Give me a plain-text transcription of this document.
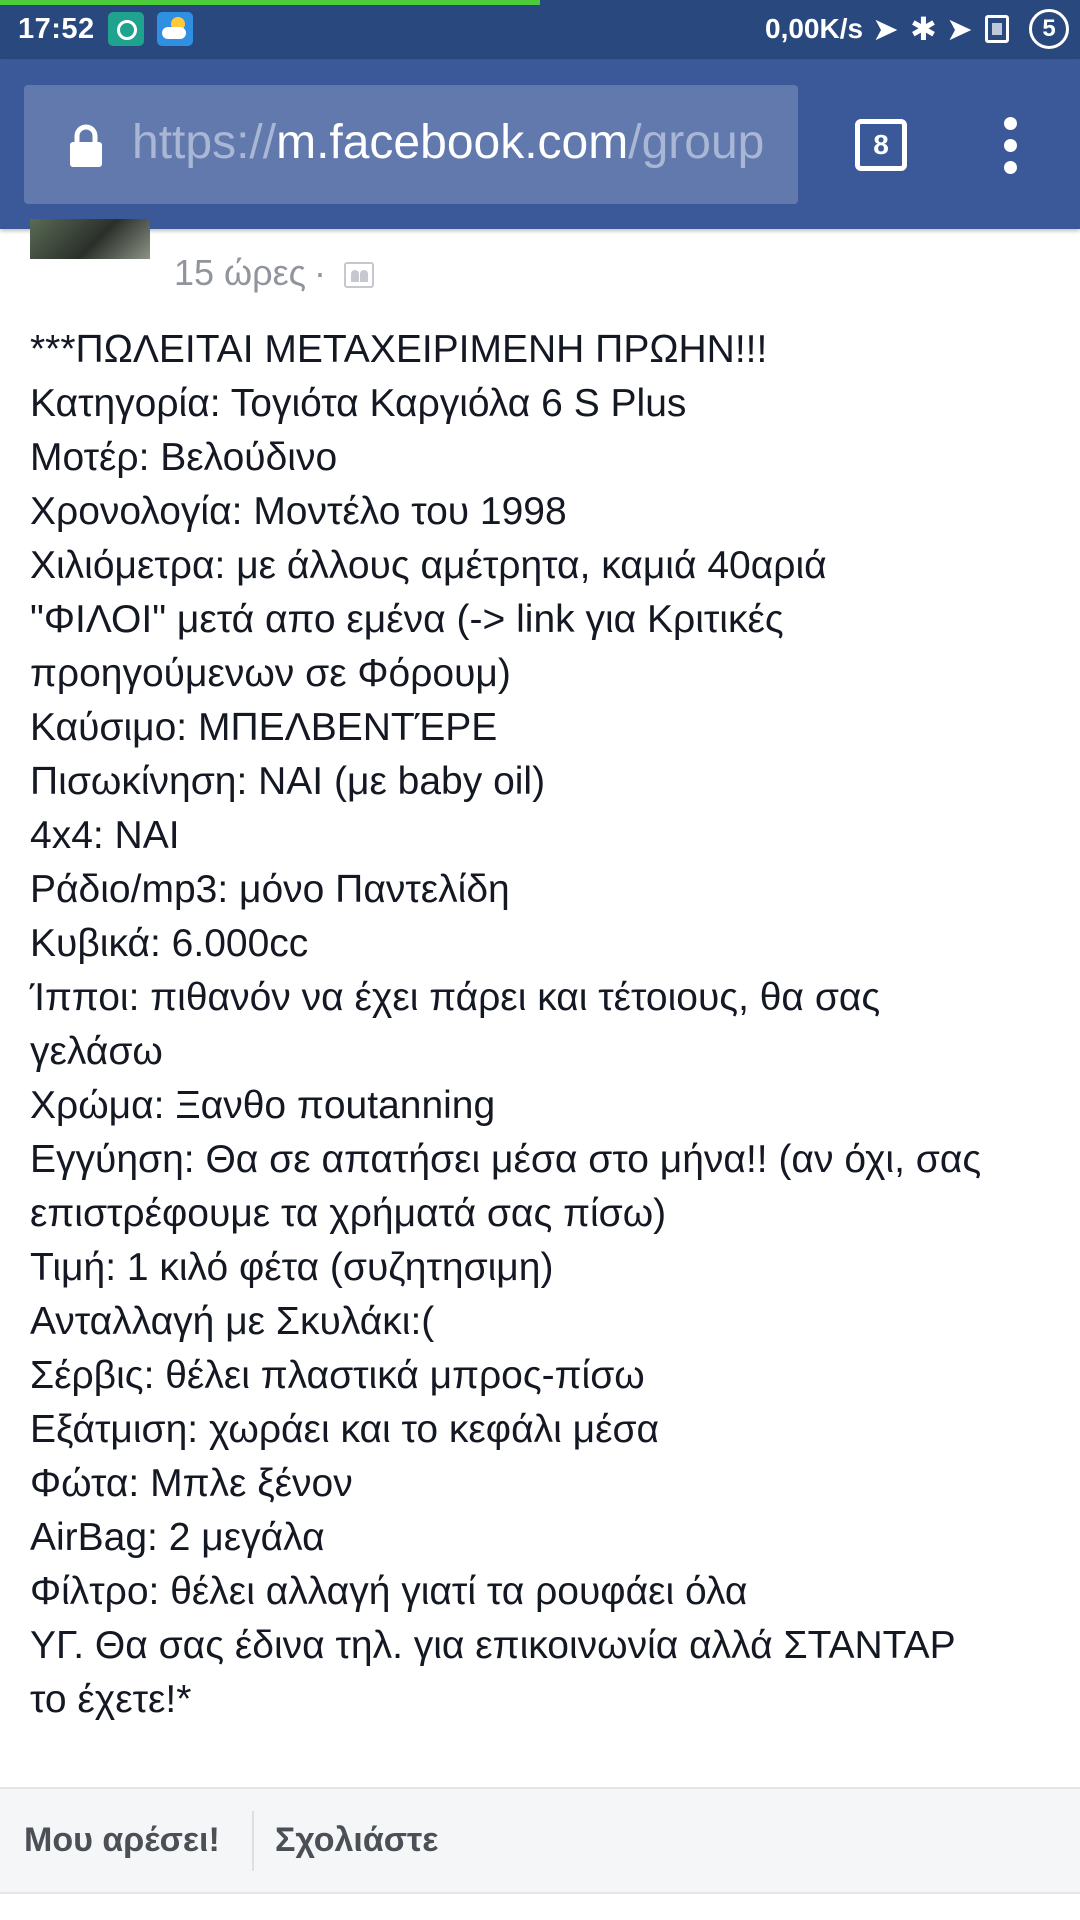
17:52	0,00K/s ➤ ✱ ➤	5
https://m.facebook.com/group	8
15 ώρες ·
***ΠΩΛΕΙΤΑΙ ΜΕΤΑΧΕΙΡΙΜΕΝΗ ΠΡΩΗΝ!!!
Κατηγορία: Τογιότα Καργιόλα 6 S Plus
Μοτέρ: Βελούδινο
Χρονολογία: Μοντέλο του 1998
Χιλιόμετρα: με άλλους αμέτρητα, καμιά 40αριά
"ΦΙΛΟΙ" μετά απο εμένα (-> link για Κριτικές
προηγούμενων σε Φόρουμ)
Καύσιμο: ΜΠΕΛΒΕΝΤΈΡΕ
Πισωκίνηση: ΝΑΙ (με baby oil)
4x4: ΝΑΙ
Ράδιο/mp3: μόνο Παντελίδη
Κυβικά: 6.000cc
Ίπποι: πιθανόν να έχει πάρει και τέτοιους, θα σας
γελάσω
Χρώμα: Ξανθο πoutanning
Εγγύηση: Θα σε απατήσει μέσα στο μήνα!! (αν όχι, σας
επιστρέφουμε τα χρήματά σας πίσω)
Τιμή: 1 κιλό φέτα (συζητησιμη)
Ανταλλαγή με Σκυλάκι:(
Σέρβις: θέλει πλαστικά μπρος-πίσω
Εξάτμιση: χωράει και το κεφάλι μέσα
Φώτα: Μπλε ξένον
AirBag: 2 μεγάλα
Φίλτρο: θέλει αλλαγή γιατί τα ρουφάει όλα
ΥΓ. Θα σας έδινα τηλ. για επικοινωνία αλλά ΣΤΑΝΤΑΡ
το έχετε!*
Μου αρέσει! Σχολιάστε
